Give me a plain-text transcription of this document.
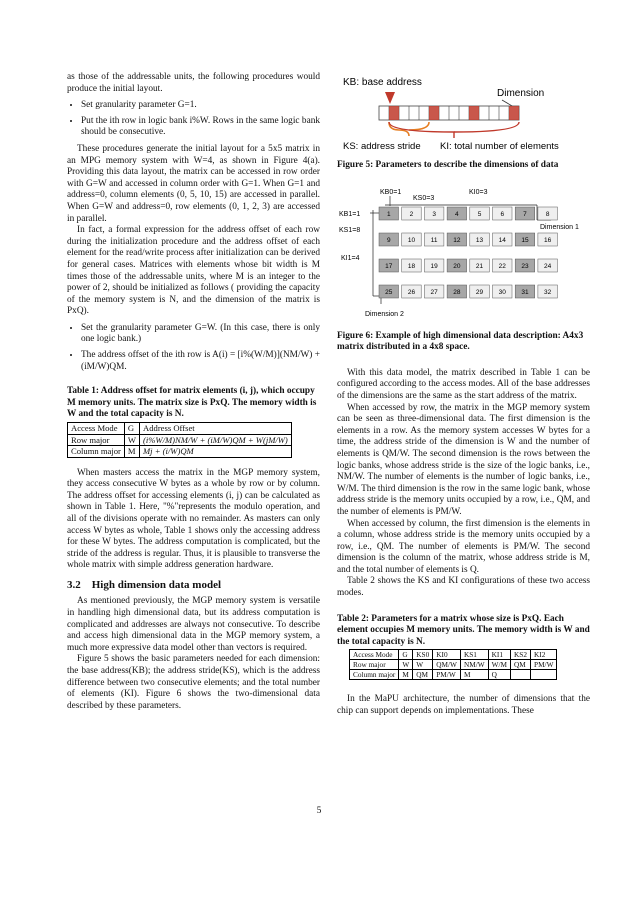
as those of the addressable units, the following procedures would produce the initial layout.

• Set granularity parameter G=1.
• Put the ith row in logic bank i%W. Rows in the same logic bank should be consecutive.

These procedures generate the initial layout for a 5x5 matrix in an MPG memory system with W=4, as shown in Figure 4(a). Providing this data layout, the matrix can be accessed in row order with G=W and accessed in column order with G=1. When G=1 and address=0, column elements (0, 5, 10, 15) are accessed in parallel. When G=W and address=0, row elements (0, 1, 2, 3) are accessed in parallel.

In fact, a formal expression for the address offset of each row during the initialization procedure and the address offset of each element for the read/write process after initialization can be derived for general cases. Matrices with elements whose bit width is M times those of the addressable units, where M is an integer to the power of 2, should be initialized as follows ( providing the capacity of the memory system is N, and the dimension of the matrix is PxQ).

• Set the granularity parameter G=W. (In this case, there is only one logic bank.)
• The address offset of the ith row is A(i) = [i%(W/M)](NM/W) + (iM/W)QM.

Table 1: Address offset for matrix elements (i, j), which occupy M memory units. The matrix size is PxQ. The memory width is W and the total capacity is N.

Access Mode	G	Address Offset
Row major	W	(i%W/M)NM/W + (iM/W)QM + W(jM/W)
Column major	M	Mj + (i/W)QM

When masters access the matrix in the MGP memory system, they access consecutive W bytes as a whole by row or by column. The address offset for accessing elements (i, j) can be calculated as shown in Table 1. Here, "%"represents the modulo operation, and all of the divisions operate with no remainder. As masters can only access W bytes as whole, Table 1 shows only the accessing address for these W bytes. The address computation is complicated, but the stride of the address is regular. Thus, it is plausible to transverse the whole matrix with simple address generation hardware.

3.2    High dimension data model

As mentioned previously, the MGP memory system is versatile in handling high dimensional data, but its address computation is complicated and addresses are always not consecutive. To describe and access high dimensional data in the MGP memory system, a much more expressive data model other than vectors is required.

Figure 5 shows the basic parameters needed for each dimension: the base address(KB); the address stride(KS), which is the address difference between two consecutive elements; and the total number of elements (KI). Figure 6 shows the two-dimensional data described by these parameters.

KB: base address
Dimension
KS: address stride KI: total number of elements

Figure 5: Parameters to describe the dimensions of data

KB0=1
KS0=3
KI0=3
KB1=1
KS1=8
KI1=4
Dimension 1
Dimension 2
1	2	3	4	5	6	7	8
9	10 11 12 13 14 15 16
17 18 19 20 21 22 23 24
25 26 27 28 29 30 31 32

Figure 6: Example of high dimensional data description: A4x3 matrix distributed in a 4x8 space.

With this data model, the matrix described in Table 1 can be configured according to the access modes. All of the base addresses of the dimensions are the same as the start address of the matrix.

When accessed by row, the matrix in the MGP memory system can be seen as three-dimensional data. The first dimension is the elements in a row. As the memory system accesses W bytes for a time, the address stride of the dimension is W and the number of elements is QM/W. The second dimension is the rows between the logic banks, whose address stride is the size of the logic banks, i.e., NM/W. The number of elements is the number of logic banks, i.e., W/M. The third dimension is the row in the same logic bank, whose address stride is the memory units occupied by a row, i.e., QM, and the number of elements is PM/W.

When accessed by column, the first dimension is the elements in a column, whose address stride is the memory units occupied by a row, i.e., QM. The number of elements is PM/W. The second dimension is the column of the matrix, whose address stride is M, and the total number of elements is Q.

Table 2 shows the KS and KI configurations of these two access modes.

Table 2: Parameters for a matrix whose size is PxQ. Each element occupies M memory units. The memory width is W and the total capacity is N.

Access Mode	G	KS0	KI0	KS1	KI1	KS2	KI2
Row major	W	W	QM/W	NM/W	W/M	QM	PM/W
Column major	M	QM	PM/W	M	Q		

In the MaPU architecture, the number of dimensions that the chip can support depends on implementations. These

5
